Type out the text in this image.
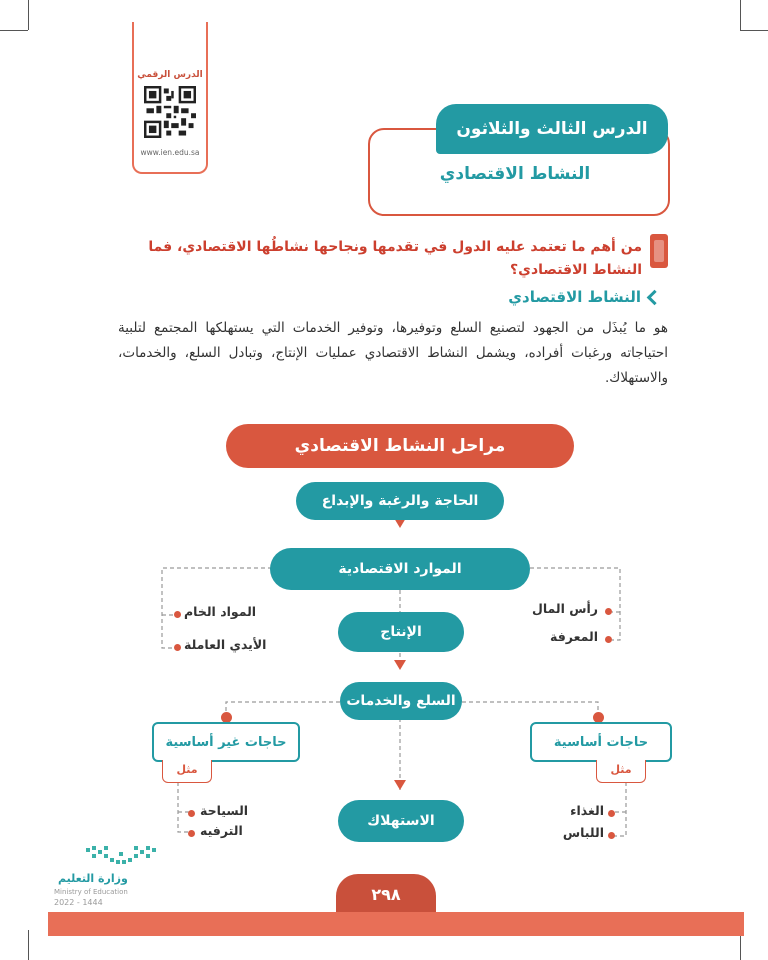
الدرس الرقمي
www.ien.edu.sa
الدرس الثالث والثلاثون
النشاط الاقتصادي
من أهم ما تعتمد عليه الدول في تقدمها ونجاحها نشاطُها الاقتصادي، فما النشاط الاقتصادي؟
النشاط الاقتصادي
هو ما يُبذَل من الجهود لتصنيع السلع وتوفيرها، وتوفير الخدمات التي يستهلكها المجتمع لتلبية احتياجاته ورغبات أفراده، ويشمل النشاط الاقتصادي عمليات الإنتاج، وتبادل السلع، والخدمات، والاستهلاك.
مراحل النشاط الاقتصادي
الحاجة والرغبة والإبداع
الموارد الاقتصادية
المواد الخام
الأيدي العاملة
رأس المال
المعرفة
الإنتاج
السلع والخدمات
حاجات غير أساسية
مثل
حاجات أساسية
مثل
السياحة
الترفيه
الغذاء
اللباس
الاستهلاك
وزارة التعليم
Ministry of Education
2022 - 1444	٢٩٨
